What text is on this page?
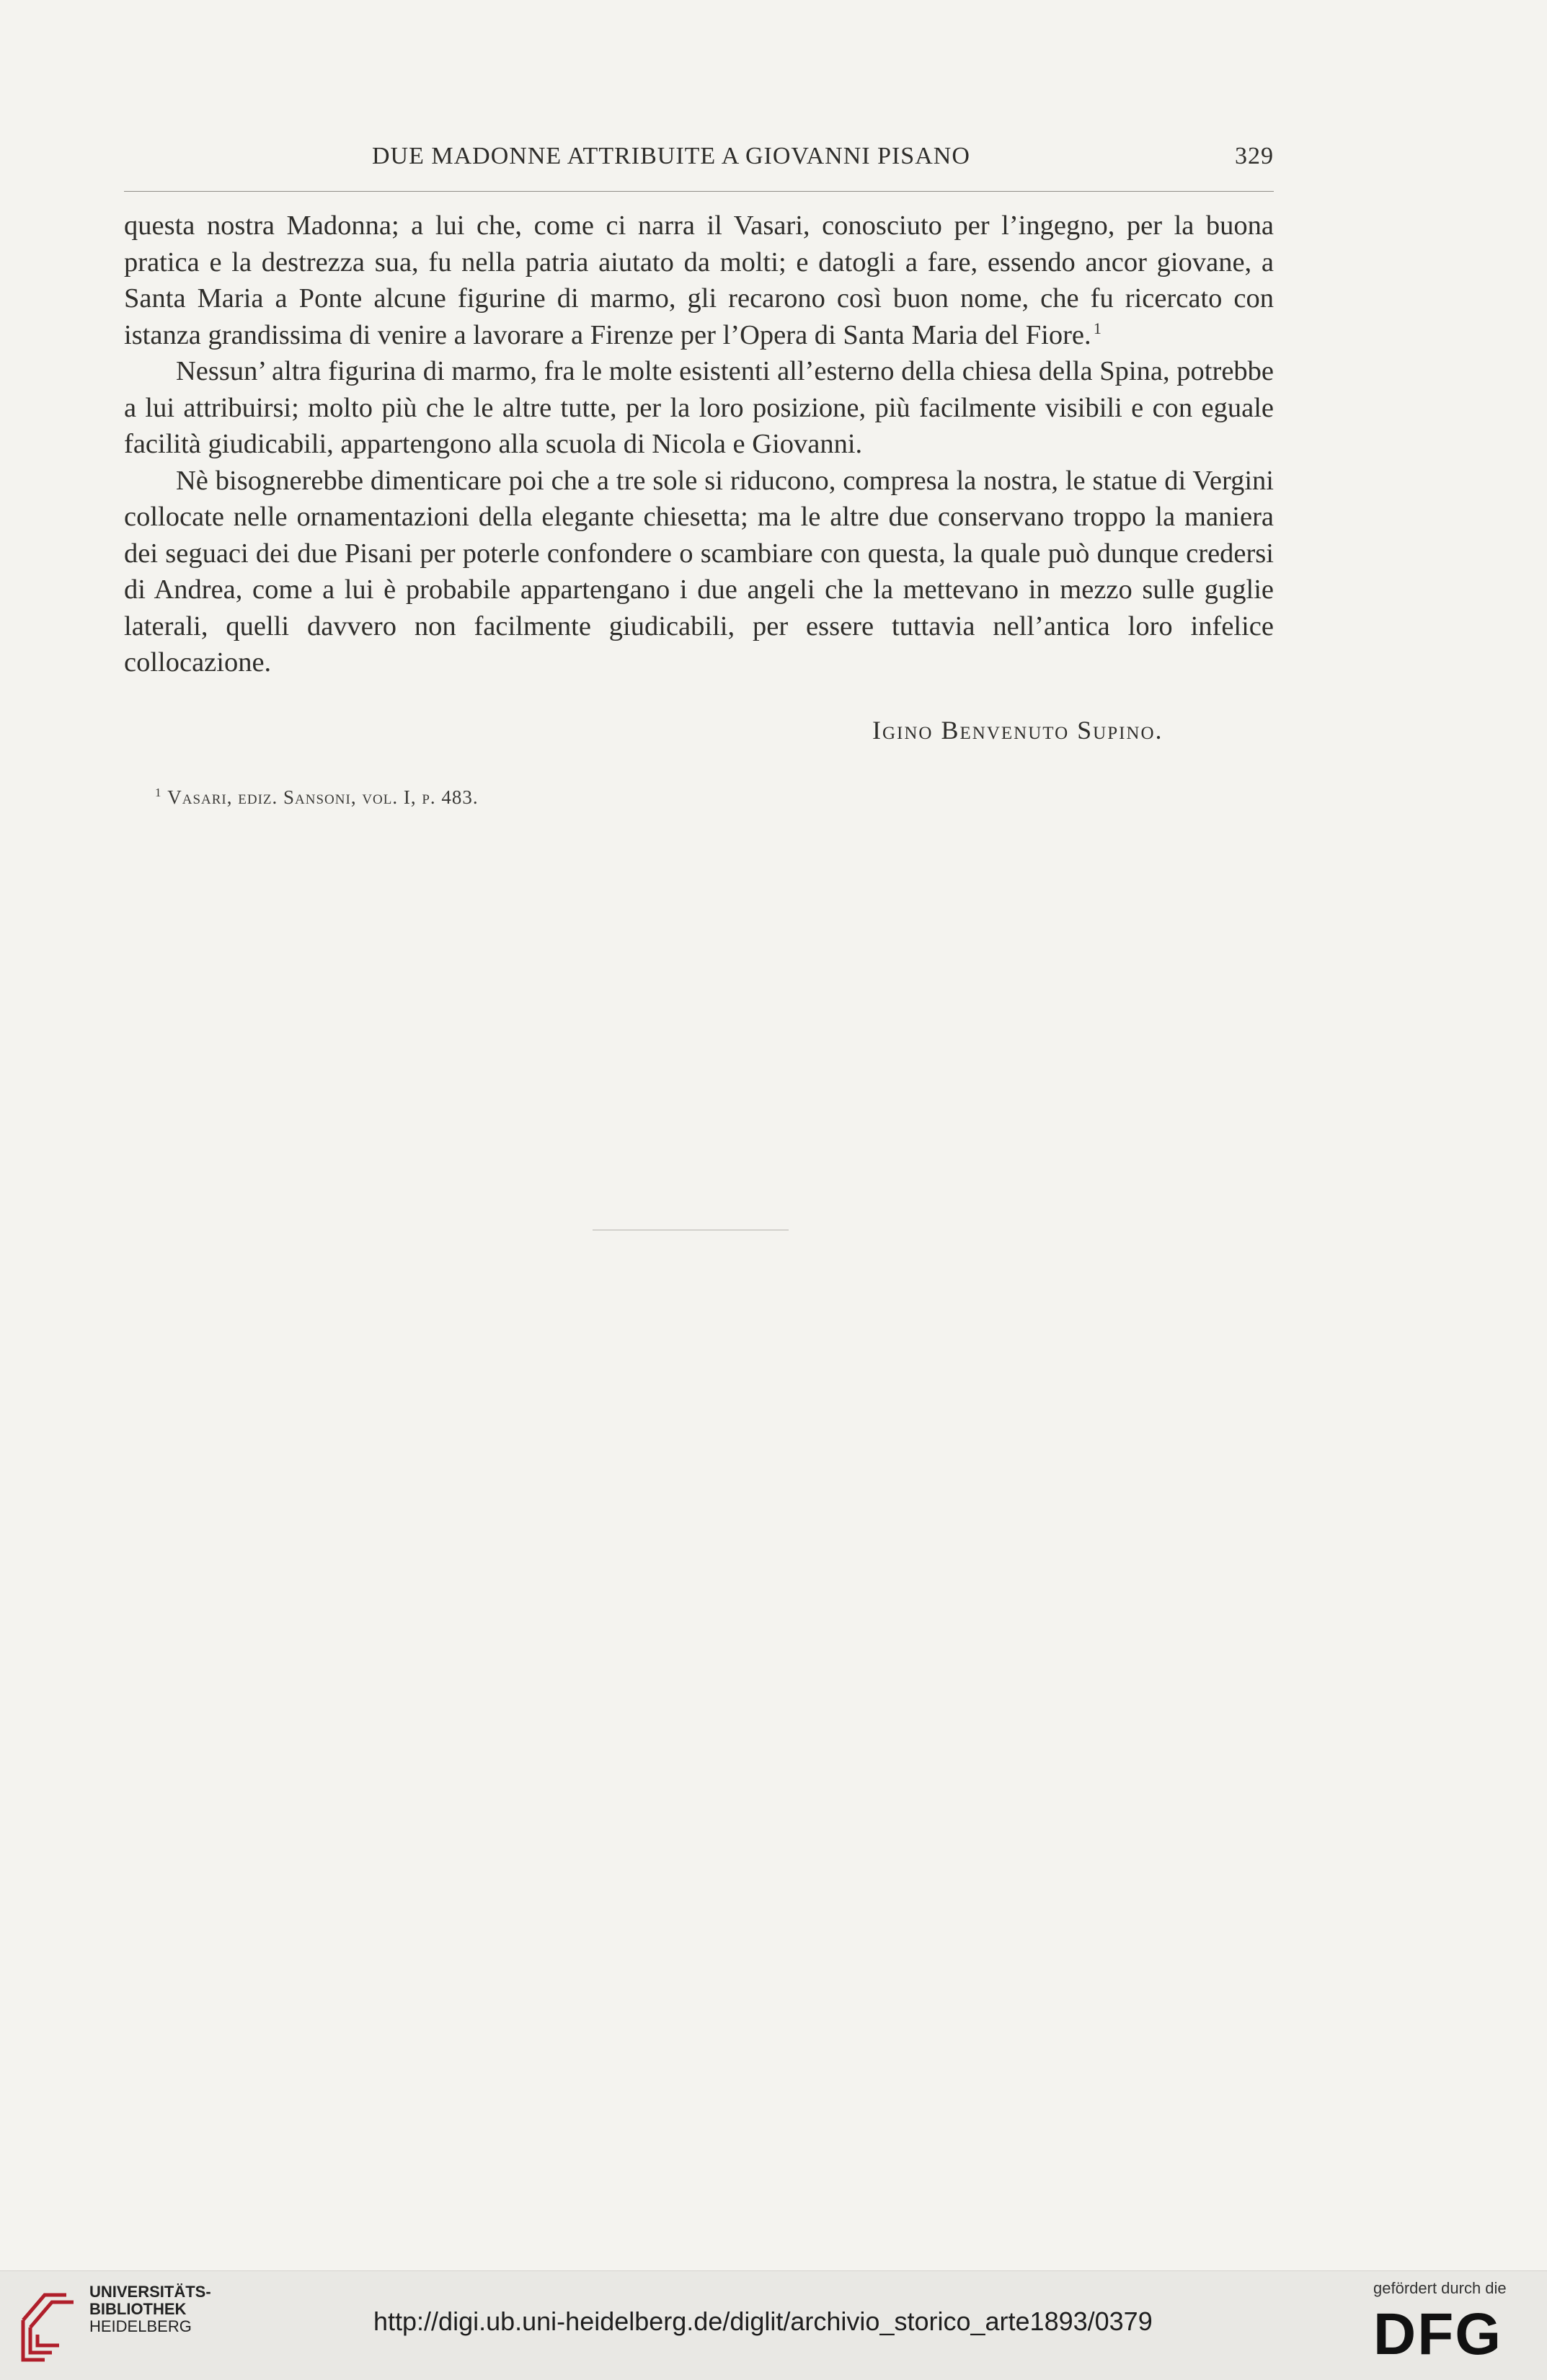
DUE MADONNE ATTRIBUITE A GIOVANNI PISANO	329

questa nostra Madonna; a lui che, come ci narra il Vasari, conosciuto per l’ingegno, per la buona pratica e la destrezza sua, fu nella patria aiutato da molti; e datogli a fare, essendo ancor giovane, a Santa Maria a Ponte alcune figurine di marmo, gli recarono così buon nome, che fu ricercato con istanza grandissima di venire a lavorare a Firenze per l’Opera di Santa Maria del Fiore.  $^1$

Nessun’ altra figurina di marmo, fra le molte esistenti all’esterno della chiesa della Spina, potrebbe a lui attribuirsi; molto più che le altre tutte, per la loro posizione, più facilmente visibili e con eguale facilità giudicabili, appartengono alla scuola di Nicola e Giovanni.

Nè bisognerebbe dimenticare poi che a tre sole si riducono, compresa la nostra, le statue di Vergini collocate nelle ornamentazioni della elegante chiesetta; ma le altre due conservano troppo la maniera dei seguaci dei due Pisani per poterle confondere o scambiare con questa, la quale può dunque credersi di Andrea, come a lui è probabile appartengano i due angeli che la mettevano in mezzo sulle guglie laterali, quelli davvero non facilmente giudicabili, per essere tuttavia nell’antica loro infelice collocazione.

Igino Benvenuto Supino.
$^1$ Vasari, ediz. Sansoni, vol. I, p. 483.
UNIVERSITÄTS-
BIBLIOTHEK
HEIDELBERG	http://digi.ub.uni-heidelberg.de/diglit/archivio_storico_arte1893/0379
gefördert durch die
DFG
